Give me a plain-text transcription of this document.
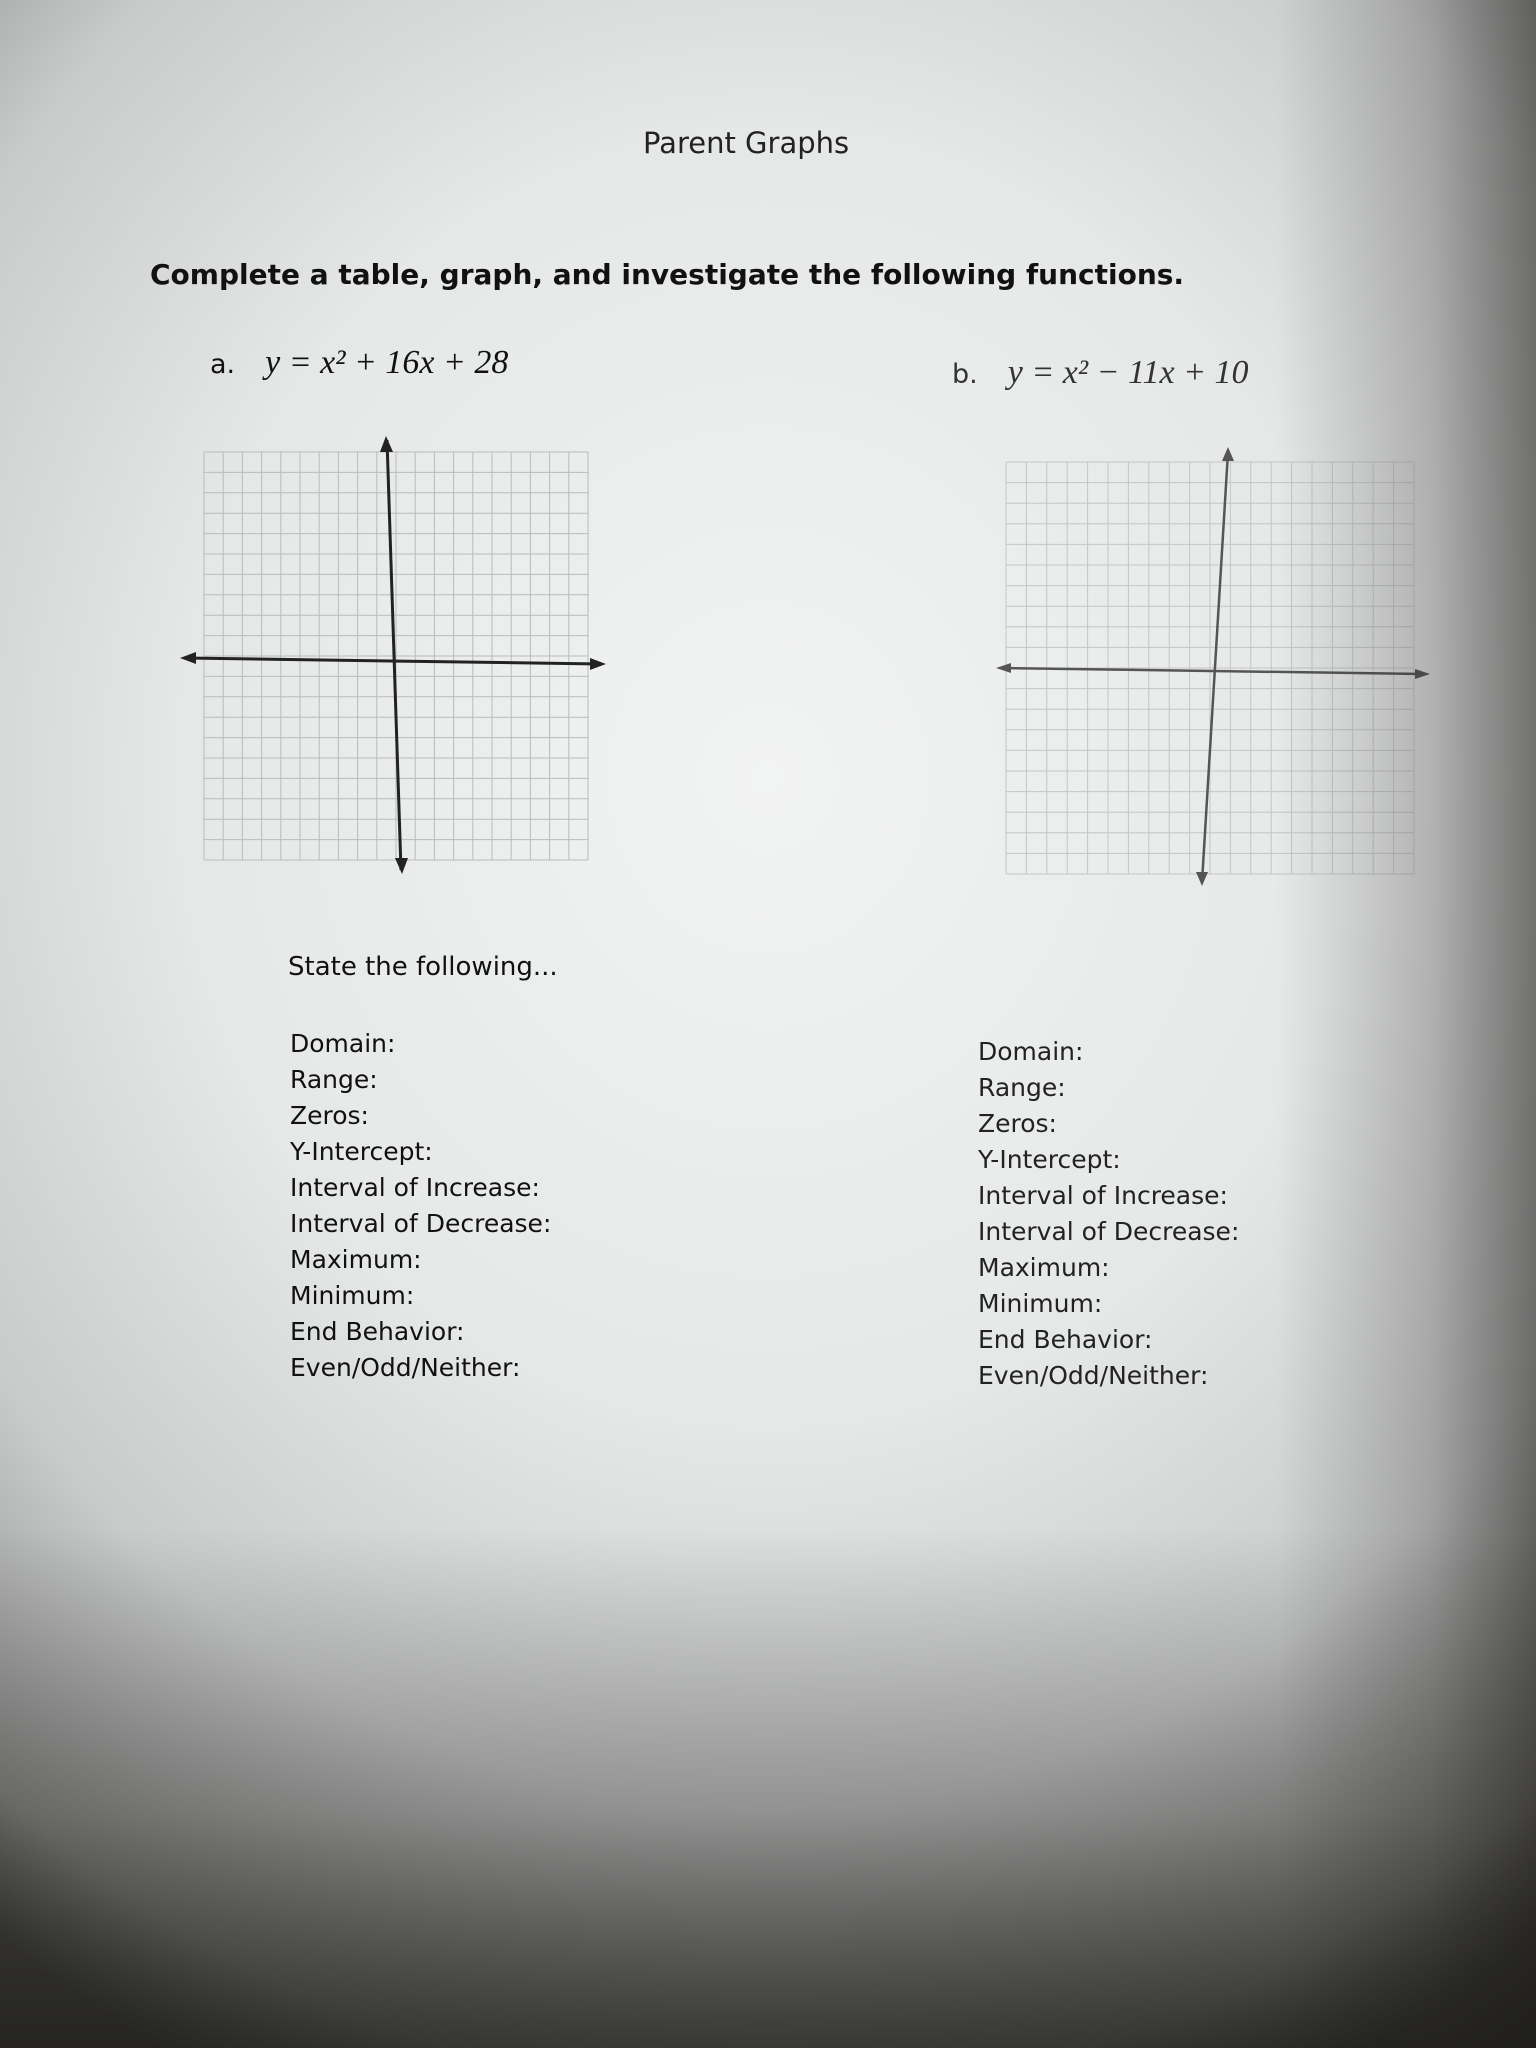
Parent Graphs
Complete a table, graph, and investigate the following functions.
a. y = x² + 16x + 28	b. y = x² − 11x + 10
State the following...
Domain:
Range:
Zeros:
Y-Intercept:
Interval of Increase:
Interval of Decrease:
Maximum:
Minimum:
End Behavior:
Even/Odd/Neither:
Domain:
Range:
Zeros:
Y-Intercept:
Interval of Increase:
Interval of Decrease:
Maximum:
Minimum:
End Behavior:
Even/Odd/Neither:
